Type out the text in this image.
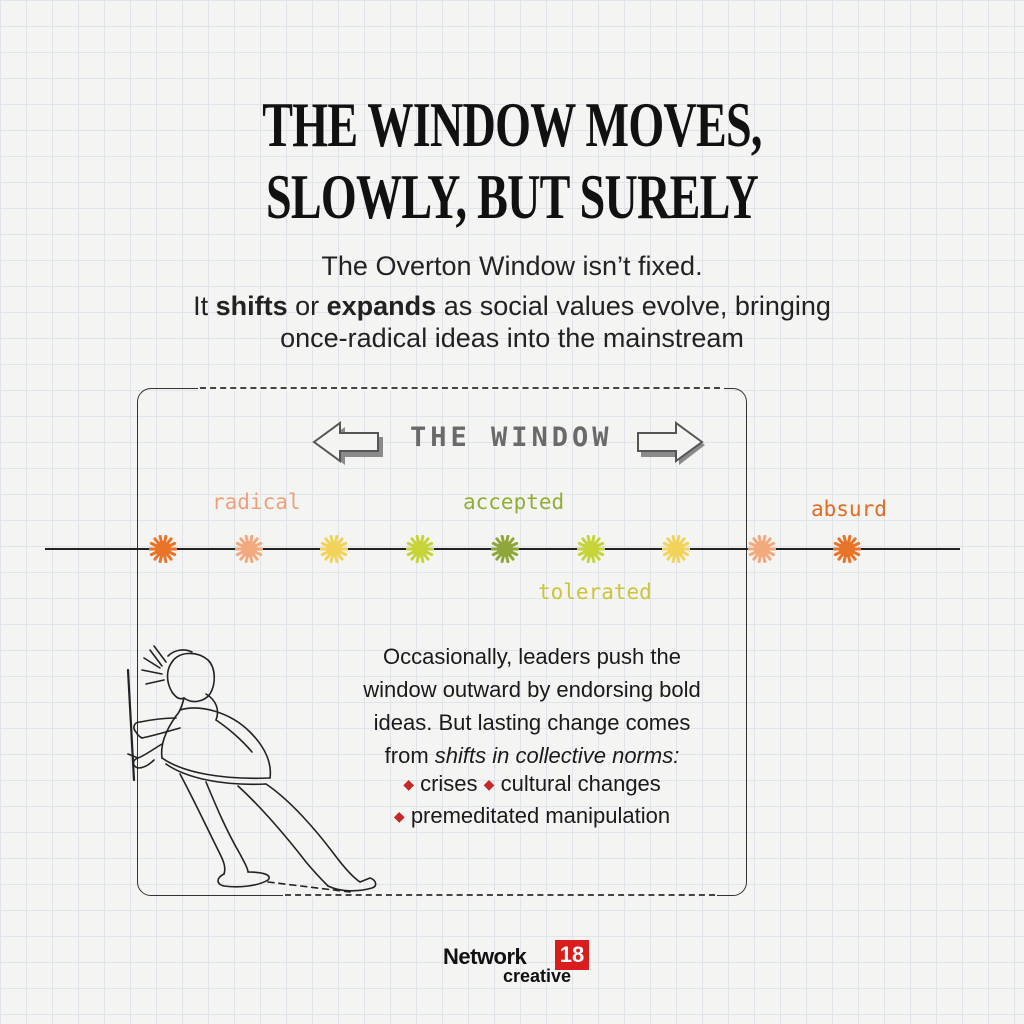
THE WINDOW MOVES,
SLOWLY, BUT SURELY

The Overton Window isn’t fixed.

It shifts or expands as social values evolve, bringing

once-radical ideas into the mainstream

THE WINDOW
radical	accepted
tolerated
absurd

Occasionally, leaders push the

window outward by endorsing bold

ideas. But lasting change comes

from shifts in collective norms:

◆ crises ◆ cultural changes

◆ premeditated manipulation

Network 18
creative
